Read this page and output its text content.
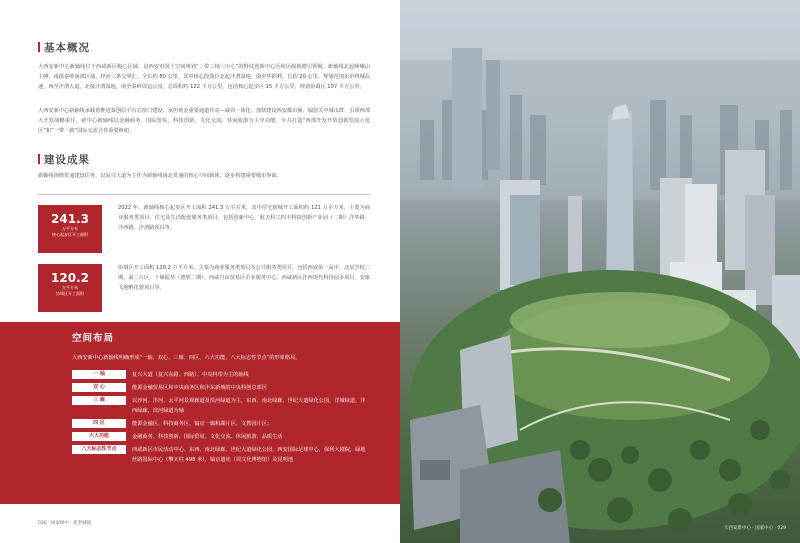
基本概况

大西安新中心新轴线位于西咸新区腹心区域，是西安市国土空间规划“三带三轴三中心”的科技创新中心区和区级新增引领极。新轴线北起嵯峨山主峰，南抵秦岭南部区域，经河三条交界汇，全长约 80 公里，其中核心段落位北起沣渭湿地，南至华阳岭，长约 20 公里，规划范围东至绕城高速，西至沣渭大道，北接沣渭湿地，南至秦岭周边公园，总面积约 122 平方公里，包括核心起步区 15 平方公里，规划协调区 107 平方公里。

大西安新中心新轴线承载着推进秦创原平台总窗口建设、承担黄金重要通道作动—威周一体化、加快建设西安都市圈、辐射关中城市群、引领西部大开发战略重任，新中心新轴线以金融商务、国际贸易、科技创新、文化交流、休闲旅游为主导功能，全力打造“西部开发开放创新发展示范区”和“一带一路”国际交流合作重要枢纽。

建设成果

新轴线围绕贯通建设任务，以复兴大道为主作为新轴线南北贯通的核心空间载体，逐步构建重要城市界面。

241.3
万平方米
核心起步区开工面积

2022 年，新轴线核心起步区开工面积 241.3 万平方米，其中住宅新城开工面积约 121 万平方米，主要为商业服务类项目，住宅及生活配套服务类项目，包括创新中心、航天科工四丰科技创新产业园（二期）洋华路、沣西路、沣渭路项目等。

120.2
万平方米
协调区开工面积

协调区开工面积 120.2 万平方米，主要为商业服务类项目及公共服务类项目，包括西咸第一高中、北辰学校二期、第二片区、十堰振华（德欣二期）、西咸自由贸易区企业服务中心、西咸新区沣西现代科技园多项目、安康飞地孵化器项目等。

空间布局
大西安新中心新轴线明确形成“一轴、双心、三廊、四区、六大功能、八大标志性节点”的形象格局。
一 轴	复兴大道（复兴东路、西路）、中央科带为主的轴线
双 心	能源金融贸易区和中央商务区和沣东新城的中央科创总部区
三 廊	以沙河、沣河、太平河景观廊道及沿河绿道为主，东西、南北绿廊，世纪大道绿化公园，洋城绿道，沣西绿廊，滨河绿道为轴
四 区	能源金融区、科技商务区、镐京一廊和湖片区、文教园片区；
六大功能	金融商务、科技创新、国际贸易、文化交流、休闲旅游、品质生活
八大标志性节点	西咸新区市民活动中心、东西、南北绿廊，世纪大道绿化公园，西安国际足球中心，保利大剧院，绿地丝路国际中心（擎天柱 498 米），镐京遗址（周文化博物馆）及昆明池
030 · 国家级中 · 新型城镇
大西安新中心 · 国家中心 · 029
